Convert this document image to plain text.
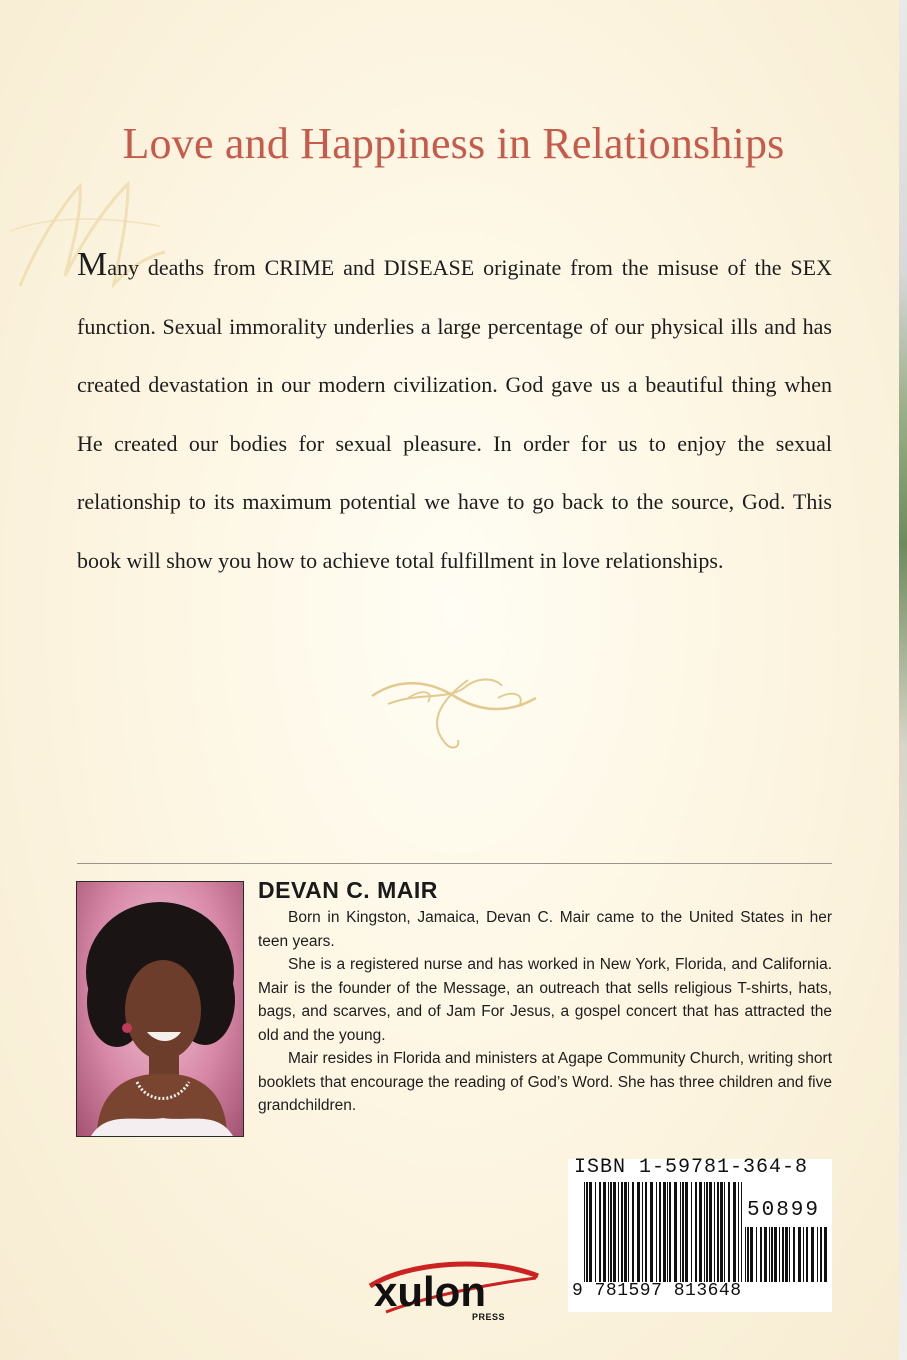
Love and Happiness in Relationships

Many deaths from CRIME and DISEASE originate from the misuse of the SEX function. Sexual immorality underlies a large percentage of our physical ills and has created devastation in our modern civilization. God gave us a beautiful thing when He created our bodies for sexual pleasure. In order for us to enjoy the sexual relationship to its maximum potential we have to go back to the source, God. This book will show you how to achieve total fulfillment in love relationships.

DEVAN C. MAIR

Born in Kingston, Jamaica, Devan C. Mair came to the United States in her teen years.

She is a registered nurse and has worked in New York, Florida, and California. Mair is the founder of the Message, an outreach that sells religious T-shirts, hats, bags, and scarves, and of Jam For Jesus, a gospel concert that has attracted the old and the young.

Mair resides in Florida and ministers at Agape Community Church, writing short booklets that encourage the reading of God’s Word. She has three children and five grandchildren.

ISBN 1-59781-364-8
50899
9 781597 813648
xulon
PRESS
